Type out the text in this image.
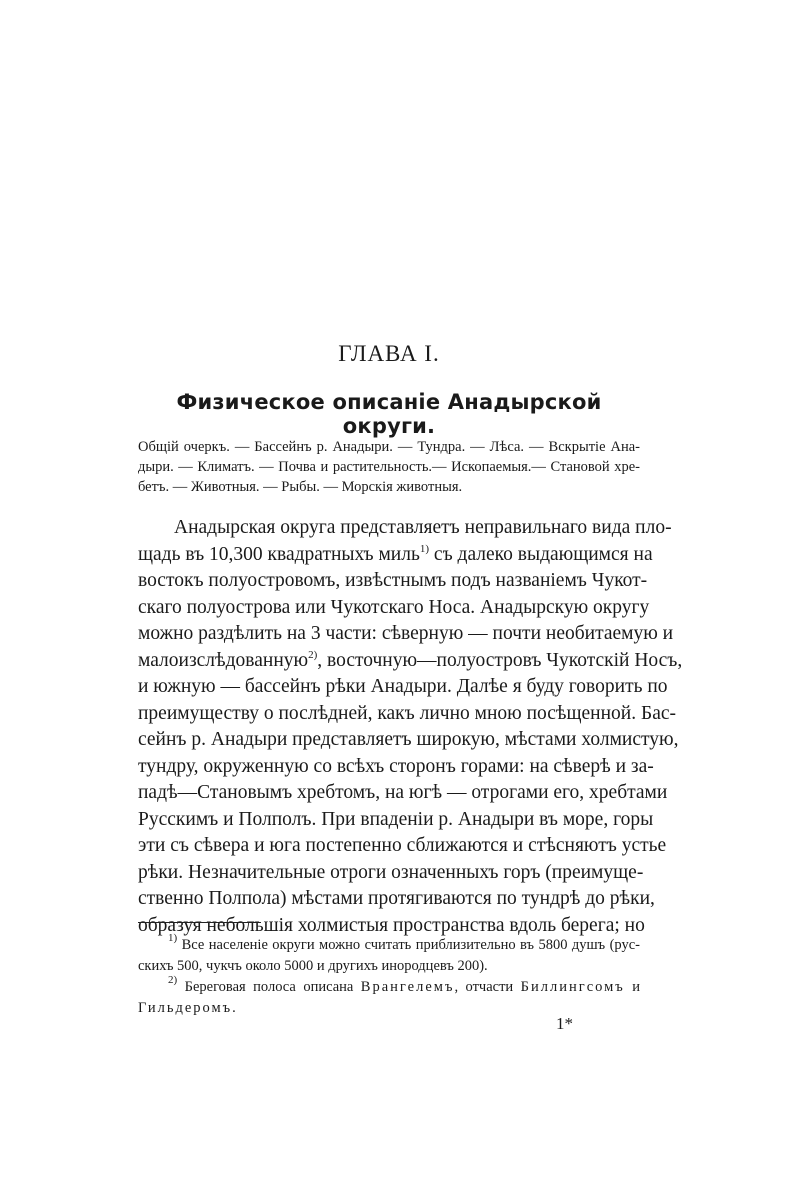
ГЛАВА I.
Физическое описаніе Анадырской округи.
Общій очеркъ. — Бассейнъ р. Анадыри. — Тундра. — Лѣса. — Вскрытіе Ана-
дыри. — Климатъ. — Почва и растительность.— Ископаемыя.— Становой хре-
бетъ. — Животныя. — Рыбы. — Морскія животныя.
Анадырская округа представляетъ неправильнаго вида пло-
щадь въ 10,300 квадратныхъ миль$^{1)}$ съ далеко выдающимся на
востокъ полуостровомъ, извѣстнымъ подъ названіемъ Чукот-
скаго полуострова или Чукотскаго Носа. Анадырскую округу
можно раздѣлить на 3 части: сѣверную — почти необитаемую и
малоизслѣдованную$^{2)}$, восточную—полуостровъ Чукотскій Носъ,
и южную — бассейнъ рѣки Анадыри. Далѣе я буду говорить по
преимуществу о послѣдней, какъ лично мною посѣщенной. Бас-
сейнъ р. Анадыри представляетъ широкую, мѣстами холмистую,
тундру, окруженную со всѣхъ сторонъ горами: на сѣверѣ и за-
падѣ—Становымъ хребтомъ, на югѣ — отрогами его, хребтами
Русскимъ и Полполъ. При впаденіи р. Анадыри въ море, горы
эти съ сѣвера и юга постепенно сближаются и стѣсняютъ устье
рѣки. Незначительные отроги означенныхъ горъ (преимуще-
ственно Полпола) мѣстами протягиваются по тундрѣ до рѣки,
образуя небольшія холмистыя пространства вдоль берега; но
$^{1)}$ Все населеніе округи можно считать приблизительно въ 5800 душъ (рус-
скихъ 500, чукчъ около 5000 и другихъ инородцевъ 200).
$^{2)}$ Береговая полоса описана Врангелемъ, отчасти Биллингсомъ и
Гильдеромъ.
1*
